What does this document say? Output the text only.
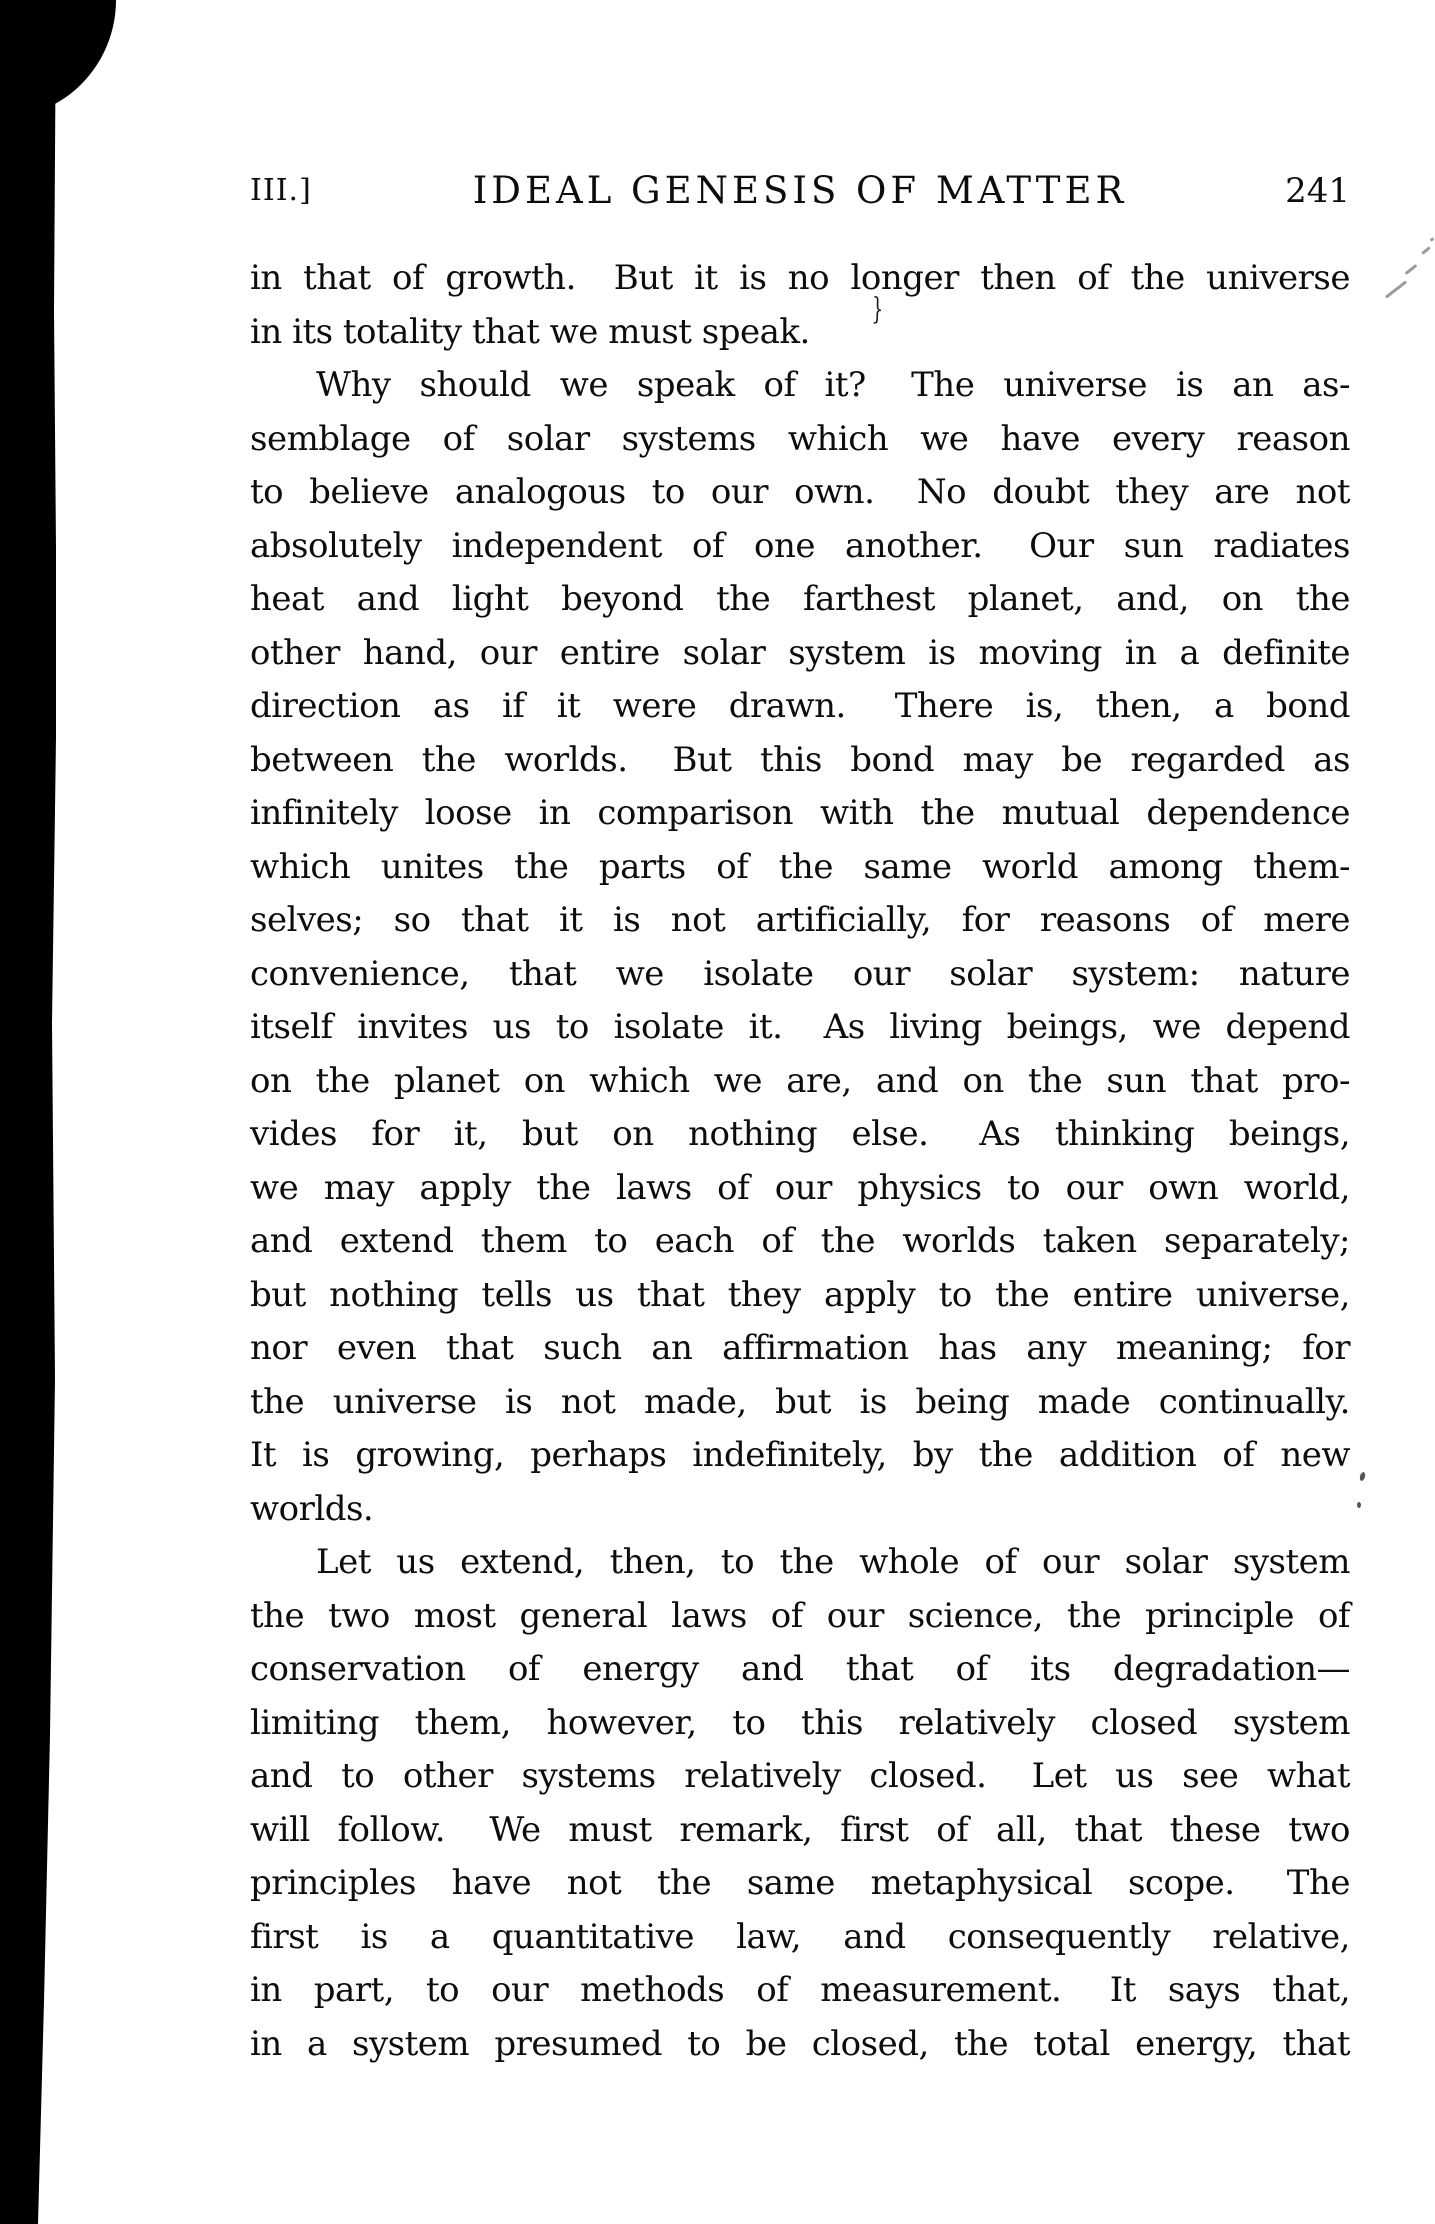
}
III.]	IDEAL GENESIS OF MATTER	241
in that of growth.  But it is no longer then of the universe
in its totality that we must speak.
Why should we speak of it?  The universe is an as-
semblage of solar systems which we have every reason
to believe analogous to our own.  No doubt they are not
absolutely independent of one another.  Our sun radiates
heat and light beyond the farthest planet, and, on the
other hand, our entire solar system is moving in a definite
direction as if it were drawn.  There is, then, a bond
between the worlds.  But this bond may be regarded as
infinitely loose in comparison with the mutual dependence
which unites the parts of the same world among them-
selves; so that it is not artificially, for reasons of mere
convenience, that we isolate our solar system: nature
itself invites us to isolate it.  As living beings, we depend
on the planet on which we are, and on the sun that pro-
vides for it, but on nothing else.  As thinking beings,
we may apply the laws of our physics to our own world,
and extend them to each of the worlds taken separately;
but nothing tells us that they apply to the entire universe,
nor even that such an affirmation has any meaning; for
the universe is not made, but is being made continually.
It is growing, perhaps indefinitely, by the addition of new
worlds.
Let us extend, then, to the whole of our solar system
the two most general laws of our science, the principle of
conservation of energy and that of its degradation—
limiting them, however, to this relatively closed system
and to other systems relatively closed.  Let us see what
will follow.  We must remark, first of all, that these two
principles have not the same metaphysical scope.  The
first is a quantitative law, and consequently relative,
in part, to our methods of measurement.  It says that,
in a system presumed to be closed, the total energy, that
